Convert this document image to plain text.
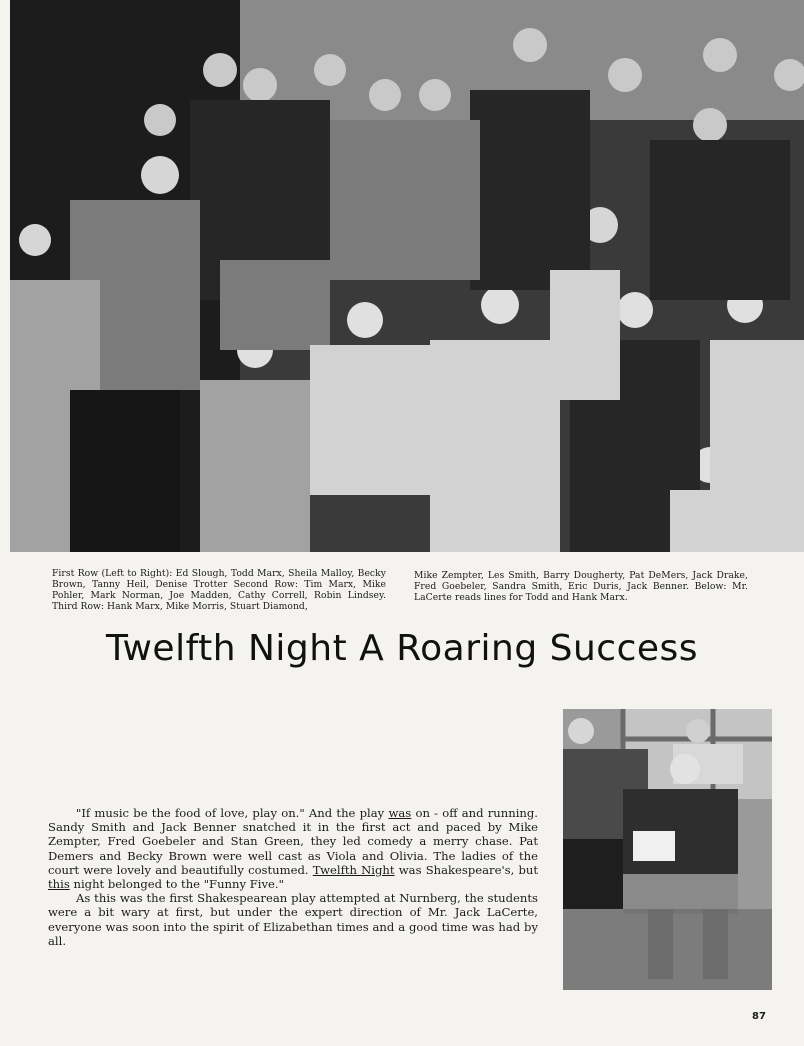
First Row (Left to Right): Ed Slough, Todd Marx, Sheila Malloy, Becky Brown, Tanny Heil, Denise Trotter Second Row: Tim Marx, Mike Pohler, Mark Norman, Joe Madden, Cathy Correll, Robin Lindsey. Third Row: Hank Marx, Mike Morris, Stuart Diamond,
Mike Zempter, Les Smith, Barry Dougherty, Pat DeMers, Jack Drake, Fred Goebeler, Sandra Smith, Eric Duris, Jack Benner. Below: Mr. LaCerte reads lines for Todd and Hank Marx.
Twelfth Night A Roaring Success

"If music be the food of love, play on." And the play was on - off and running. Sandy Smith and Jack Benner snatched it in the first act and paced by Mike Zempter, Fred Goebeler and Stan Green, they led comedy a merry chase. Pat Demers and Becky Brown were well cast as Viola and Olivia. The ladies of the court were lovely and beautifully costumed. Twelfth Night was Shakespeare's, but this night belonged to the "Funny Five."

As this was the first Shakespearean play attempted at Nurnberg, the students were a bit wary at first, but under the expert direction of Mr. Jack LaCerte, everyone was soon into the spirit of Elizabethan times and a good time was had by all.

87
